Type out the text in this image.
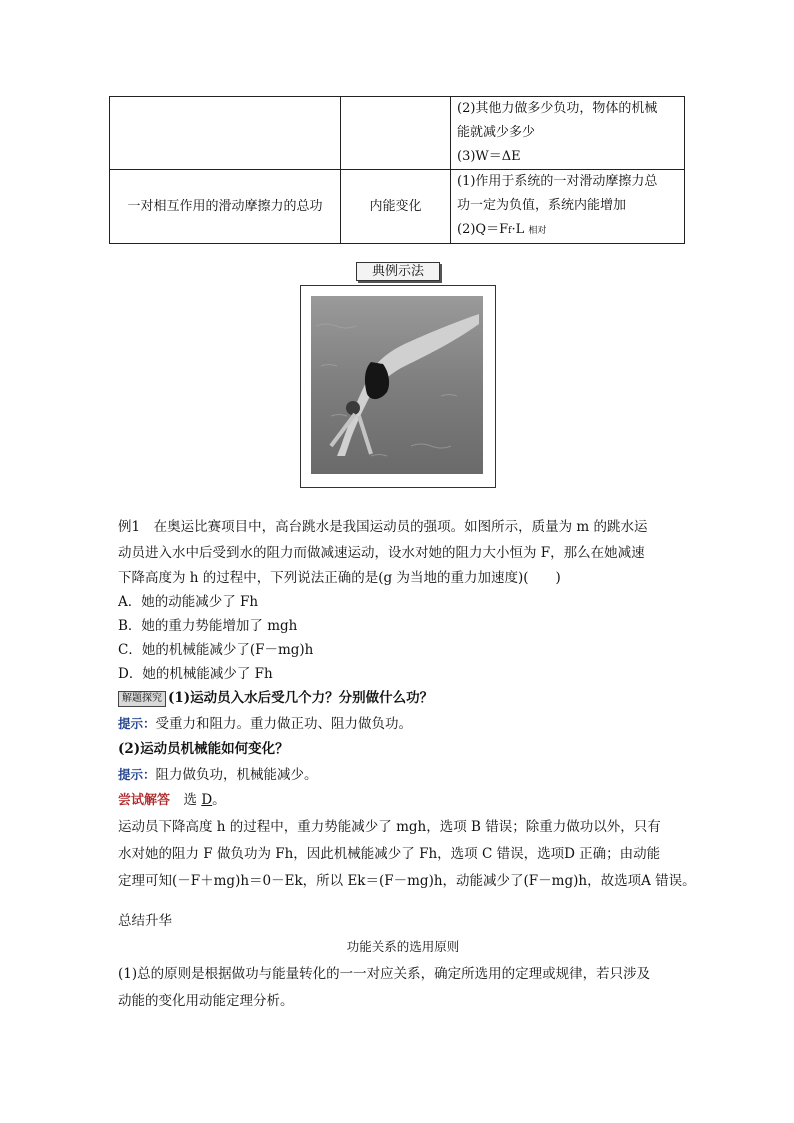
		(2)其他力做多少负功，物体的机械
能就减少多少
(3)W＝ΔE

一对相互作用的滑动摩擦力的总功	内能变化	(1)作用于系统的一对滑动摩擦力总
功一定为负值，系统内能增加
(2)Q＝Ff·L 相对
典例示法
例1　在奥运比赛项目中，高台跳水是我国运动员的强项。如图所示，质量为 m 的跳水运
动员进入水中后受到水的阻力而做减速运动，设水对她的阻力大小恒为 F，那么在她减速
下降高度为 h 的过程中，下列说法正确的是(g 为当地的重力加速度)(　　)
A．她的动能减少了 Fh
B．她的重力势能增加了 mgh
C．她的机械能减少了(F－mg)h
D．她的机械能减少了 Fh
解题探究 (1)运动员入水后受几个力？分别做什么功？
提示：受重力和阻力。重力做正功、阻力做负功。
(2)运动员机械能如何变化？
提示：阻力做负功，机械能减少。
尝试解答　 选 D。
运动员下降高度 h 的过程中，重力势能减少了 mgh，选项 B 错误；除重力做功以外，只有
水对她的阻力 F 做负功为 Fh，因此机械能减少了 Fh，选项 C 错误，选项D 正确；由动能
定理可知(－F＋mg)h＝0－Ek，所以 Ek＝(F－mg)h，动能减少了(F－mg)h，故选项A 错误。
总结升华
功能关系的选用原则
(1)总的原则是根据做功与能量转化的一一对应关系，确定所选用的定理或规律，若只涉及
动能的变化用动能定理分析。
